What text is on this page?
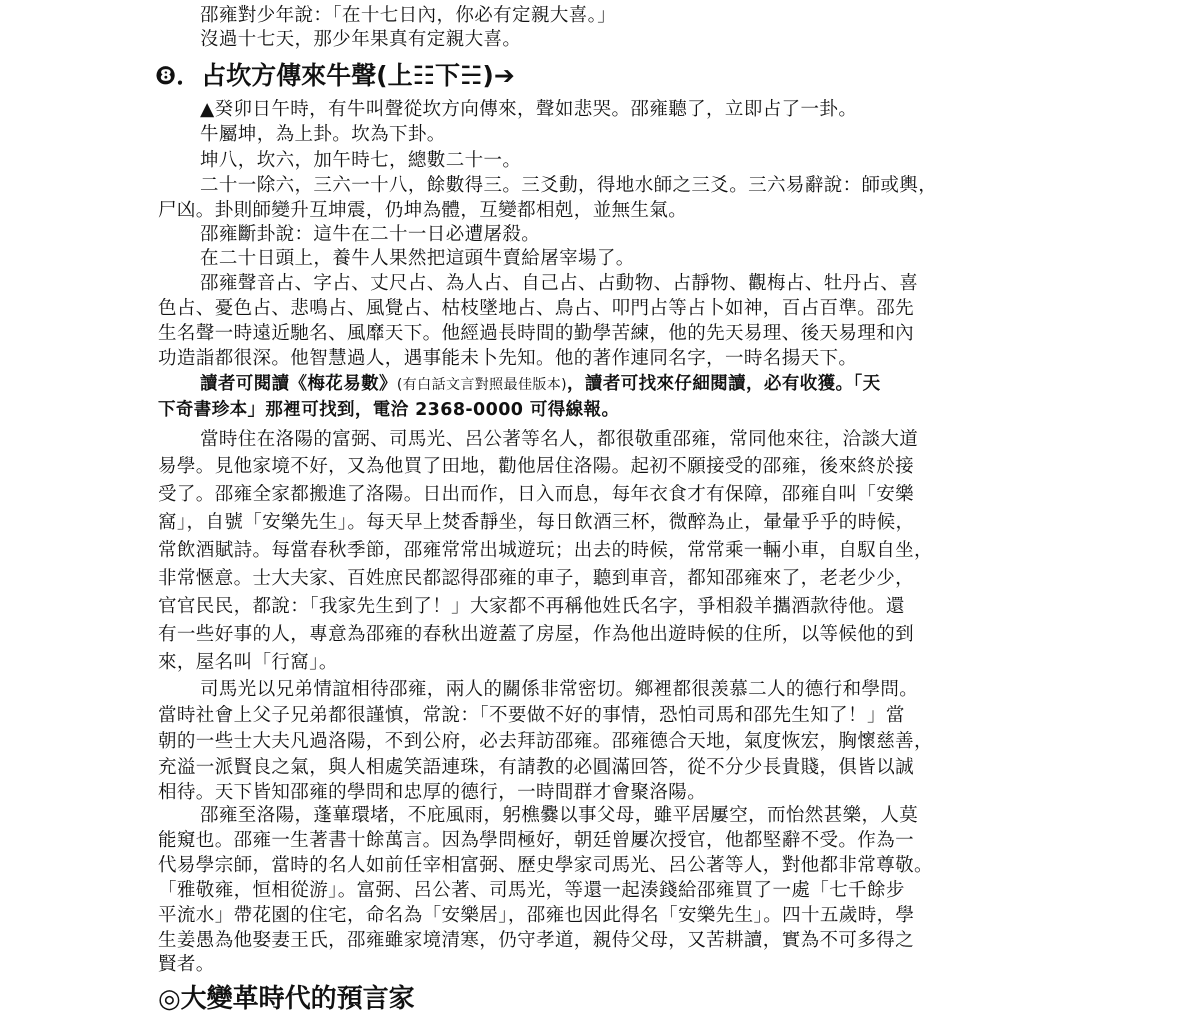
邵雍對少年說：「在十七日內，你必有定親大喜。」
沒過十七天，那少年果真有定親大喜。
❽．占坎方傳來牛聲(上☷下☵)➔
▲癸卯日午時，有牛叫聲從坎方向傳來，聲如悲哭。邵雍聽了，立即占了一卦。
牛屬坤，為上卦。坎為下卦。
坤八，坎六，加午時七，總數二十一。
二十一除六，三六一十八，餘數得三。三爻動，得地水師之三爻。三六易辭說：師或輿，
尸凶。卦則師變升互坤震，仍坤為體，互變都相剋，並無生氣。
邵雍斷卦說：這牛在二十一日必遭屠殺。
在二十日頭上，養牛人果然把這頭牛賣給屠宰場了。
邵雍聲音占、字占、丈尺占、為人占、自己占、占動物、占靜物、觀梅占、牡丹占、喜
色占、憂色占、悲鳴占、風覺占、枯枝墜地占、鳥占、叩門占等占卜如神，百占百準。邵先
生名聲一時遠近馳名、風靡天下。他經過長時間的勤學苦練，他的先天易理、後天易理和內
功造詣都很深。他智慧過人，遇事能未卜先知。他的著作連同名字，一時名揚天下。
讀者可閱讀《梅花易數》(有白話文言對照最佳版本)，讀者可找來仔細閱讀，必有收獲。「天
下奇書珍本」那裡可找到，電洽 2368-0000 可得線報。
當時住在洛陽的富弼、司馬光、呂公著等名人，都很敬重邵雍，常同他來往，洽談大道
易學。見他家境不好，又為他買了田地，勸他居住洛陽。起初不願接受的邵雍，後來終於接
受了。邵雍全家都搬進了洛陽。日出而作，日入而息，每年衣食才有保障，邵雍自叫「安樂
窩」，自號「安樂先生」。每天早上焚香靜坐，每日飲酒三杯，微醉為止，暈暈乎乎的時候，
常飲酒賦詩。每當春秋季節，邵雍常常出城遊玩；出去的時候，常常乘一輛小車，自馭自坐，
非常愜意。士大夫家、百姓庶民都認得邵雍的車子，聽到車音，都知邵雍來了，老老少少，
官官民民，都說：「我家先生到了！」大家都不再稱他姓氏名字，爭相殺羊攜酒款待他。還
有一些好事的人，專意為邵雍的春秋出遊蓋了房屋，作為他出遊時候的住所，以等候他的到
來，屋名叫「行窩」。
司馬光以兄弟情誼相待邵雍，兩人的關係非常密切。鄉裡都很羡慕二人的德行和學問。
當時社會上父子兄弟都很謹慎，常說：「不要做不好的事情，恐怕司馬和邵先生知了！」當
朝的一些士大夫凡過洛陽，不到公府，必去拜訪邵雍。邵雍德合天地，氣度恢宏，胸懷慈善，
充溢一派賢良之氣，與人相處笑語連珠，有請教的必圓滿回答，從不分少長貴賤，俱皆以誠
相待。天下皆知邵雍的學問和忠厚的德行，一時間群才會聚洛陽。
邵雍至洛陽，蓬蓽環堵，不庇風雨，躬樵爨以事父母，雖平居屢空，而怡然甚樂，人莫
能窺也。邵雍一生著書十餘萬言。因為學問極好，朝廷曾屢次授官，他都堅辭不受。作為一
代易學宗師，當時的名人如前任宰相富弼、歷史學家司馬光、呂公著等人，對他都非常尊敬。
「雅敬雍，恒相從游」。富弼、呂公著、司馬光，等還一起湊錢給邵雍買了一處「七千餘步
平流水」帶花園的住宅，命名為「安樂居」，邵雍也因此得名「安樂先生」。四十五歲時，學
生姜愚為他娶妻王氏，邵雍雖家境清寒，仍守孝道，親侍父母，又苦耕讀，實為不可多得之
賢者。
◎大變革時代的預言家
